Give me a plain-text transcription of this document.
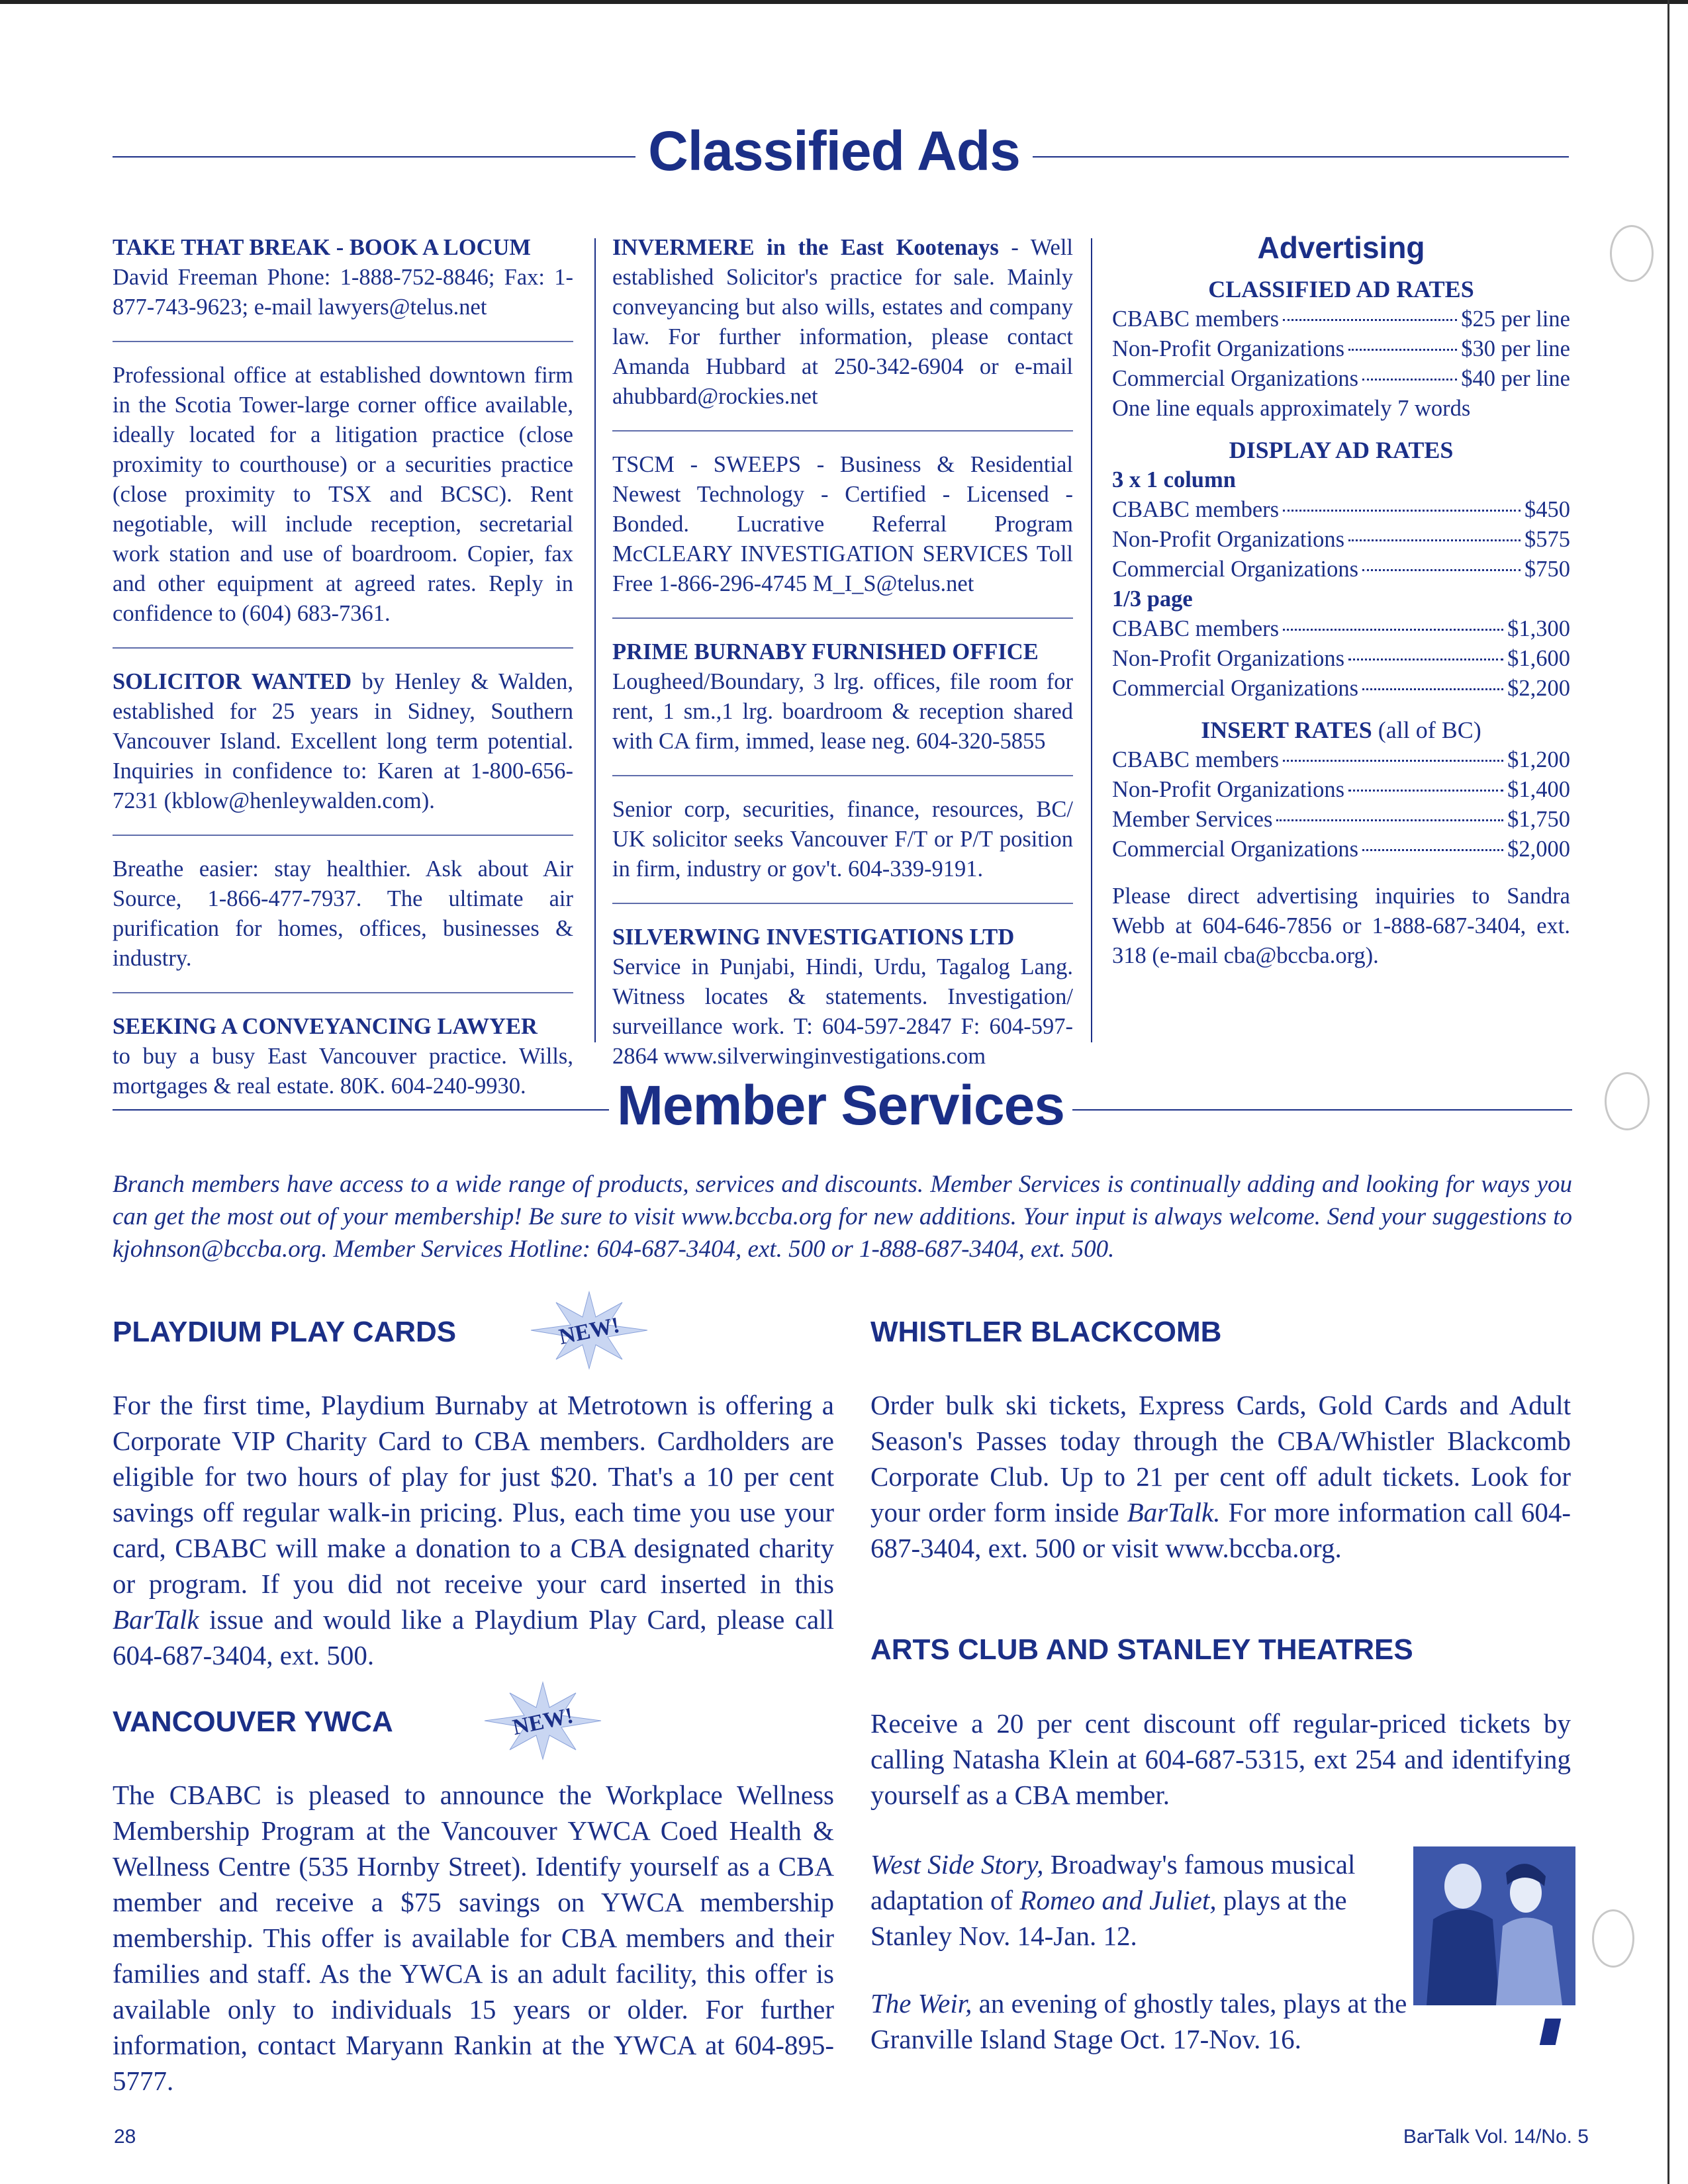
Classified Ads

TAKE THAT BREAK - BOOK A LOCUM

David Freeman Phone: 1-888-752-8846; Fax: 1-877-743-9623; e-mail lawyers@telus.net

Professional office at established downtown firm in the Scotia Tower-large corner office available, ideally located for a litigation practice (close proximity to courthouse) or a securities practice (close proximity to TSX and BCSC). Rent negotiable, will include reception, secretarial work station and use of boardroom. Copier, fax and other equipment at agreed rates. Reply in confidence to (604) 683-7361.

SOLICITOR WANTED by Henley & Walden, established for 25 years in Sidney, Southern Vancouver Island. Excellent long term potential. Inquiries in confidence to: Karen at 1-800-656-7231 (kblow@henleywalden.com).

Breathe easier: stay healthier. Ask about Air Source, 1-866-477-7937. The ultimate air purification for homes, offices, businesses & industry.

SEEKING A CONVEYANCING LAWYER

to buy a busy East Vancouver practice. Wills, mortgages & real estate. 80K. 604-240-9930.

INVERMERE in the East Kootenays - Well established Solicitor's practice for sale. Mainly conveyancing but also wills, estates and company law. For further information, please contact Amanda Hubbard at 250-342-6904 or e-mail ahubbard@rockies.net

TSCM - SWEEPS - Business & Residential Newest Technology - Certified - Licensed - Bonded. Lucrative Referral Program McCLEARY INVESTIGATION SERVICES Toll Free 1-866-296-4745 M_I_S@telus.net

PRIME BURNABY FURNISHED OFFICE

Lougheed/Boundary, 3 lrg. offices, file room for rent, 1 sm.,1 lrg. boardroom & reception shared with CA firm, immed, lease neg. 604-320-5855

Senior corp, securities, finance, resources, BC/ UK solicitor seeks Vancouver F/T or P/T position in firm, industry or gov't. 604-339-9191.

SILVERWING INVESTIGATIONS LTD

Service in Punjabi, Hindi, Urdu, Tagalog Lang. Witness locates & statements. Investigation/ surveillance work. T: 604-597-2847 F: 604-597-2864 www.silverwinginvestigations.com

Advertising
CLASSIFIED AD RATES
CBABC members	$25 per line
Non-Profit Organizations	$30 per line
Commercial Organizations	$40 per line

One line equals approximately 7 words

DISPLAY AD RATES
3 x 1 column
CBABC members	$450
Non-Profit Organizations	$575
Commercial Organizations	$750
1/3 page
CBABC members	$1,300
Non-Profit Organizations	$1,600
Commercial Organizations	$2,200
INSERT RATES (all of BC)
CBABC members	$1,200
Non-Profit Organizations	$1,400
Member Services	$1,750
Commercial Organizations	$2,000

Please direct advertising inquiries to Sandra Webb at 604-646-7856 or 1-888-687-3404, ext. 318 (e-mail cba@bccba.org).

Member Services
Branch members have access to a wide range of products, services and discounts. Member Services is continually adding and looking for ways you can get the most out of your membership! Be sure to visit www.bccba.org for new additions. Your input is always welcome. Send your suggestions to kjohnson@bccba.org. Member Services Hotline: 604-687-3404, ext. 500 or 1-888-687-3404, ext. 500.
PLAYDIUM PLAY CARDS	NEW!

For the first time, Playdium Burnaby at Metrotown is offering a Corporate VIP Charity Card to CBA members. Cardholders are eligible for two hours of play for just $20. That's a 10 per cent savings off regular walk-in pricing. Plus, each time you use your card, CBABC will make a donation to a CBA designated charity or program. If you did not receive your card inserted in this BarTalk issue and would like a Playdium Play Card, please call 604-687-3404, ext. 500.

VANCOUVER YWCA	NEW!
The CBABC is pleased to announce the Workplace Wellness Membership Program at the Vancouver YWCA Coed Health & Wellness Centre (535 Hornby Street). Identify yourself as a CBA member and receive a $75 savings on YWCA membership membership. This offer is available for CBA members and their families and staff. As the YWCA is an adult facility, this offer is available only to individuals 15 years or older. For further information, contact Maryann Rankin at the YWCA at 604-895-5777.
WHISTLER BLACKCOMB

Order bulk ski tickets, Express Cards, Gold Cards and Adult Season's Passes today through the CBA/Whistler Blackcomb Corporate Club. Up to 21 per cent off adult tickets. Look for your order form inside BarTalk. For more information call 604-687-3404, ext. 500 or visit www.bccba.org.

ARTS CLUB AND STANLEY THEATRES
Receive a 20 per cent discount off regular-priced tickets by calling Natasha Klein at 604-687-5315, ext 254 and identifying yourself as a CBA member.

West Side Story, Broadway's famous musical adaptation of Romeo and Juliet, plays at the Stanley Nov. 14-Jan. 12.

The Weir, an evening of ghostly tales, plays at the Granville Island Stage Oct. 17-Nov. 16.

28	BarTalk Vol. 14/No. 5
